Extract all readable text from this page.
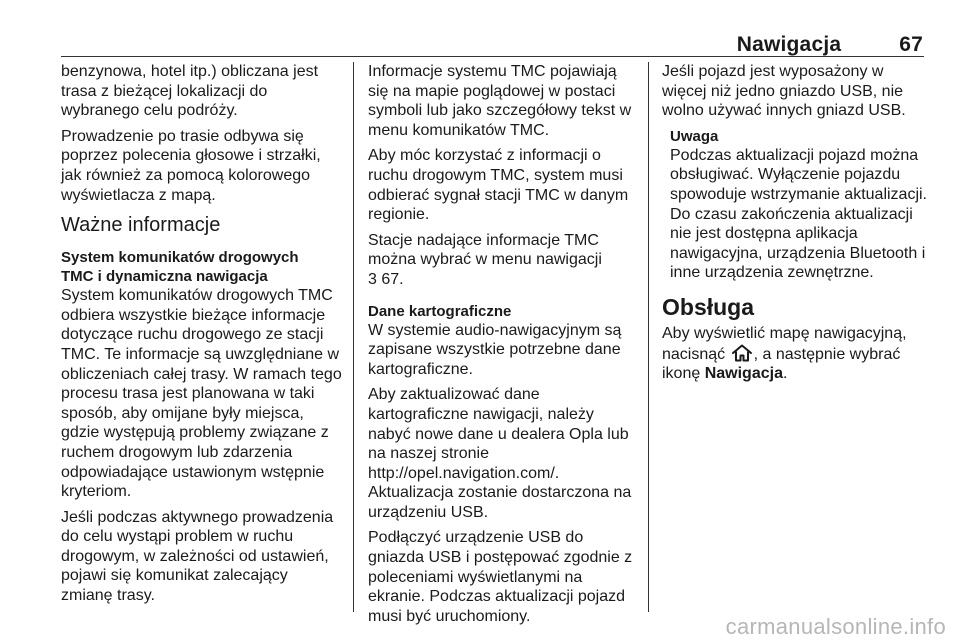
Nawigacja	67

benzynowa, hotel itp.) obliczana jest trasa z bieżącej lokalizacji do wybranego celu podróży.

Prowadzenie po trasie odbywa się poprzez polecenia głosowe i strzałki, jak również za pomocą kolorowego wyświetlacza z mapą.

Ważne informacje
System komunikatów drogowych
TMC i dynamiczna nawigacja

System komunikatów drogowych TMC odbiera wszystkie bieżące informacje dotyczące ruchu drogowego ze stacji TMC. Te informacje są uwzględniane w obliczeniach całej trasy. W ramach tego procesu trasa jest planowana w taki sposób, aby omijane były miejsca, gdzie występują problemy związane z ruchem drogowym lub zdarzenia odpowiadające ustawionym wstępnie kryteriom.

Jeśli podczas aktywnego prowadzenia do celu wystąpi problem w ruchu drogowym, w zależności od ustawień, pojawi się komunikat zalecający zmianę trasy.

Informacje systemu TMC pojawiają się na mapie poglądowej w postaci symboli lub jako szczegółowy tekst w menu komunikatów TMC.

Aby móc korzystać z informacji o ruchu drogowym TMC, system musi odbierać sygnał stacji TMC w danym regionie.

Stacje nadające informacje TMC można wybrać w menu nawigacji
3 67.

Dane kartograficzne

W systemie audio-nawigacyjnym są zapisane wszystkie potrzebne dane kartograficzne.

Aby zaktualizować dane kartograficzne nawigacji, należy nabyć nowe dane u dealera Opla lub na naszej stronie
http://opel.navigation.com/.
Aktualizacja zostanie dostarczona na urządzeniu USB.

Podłączyć urządzenie USB do gniazda USB i postępować zgodnie z poleceniami wyświetlanymi na ekranie. Podczas aktualizacji pojazd musi być uruchomiony.

Jeśli pojazd jest wyposażony w więcej niż jedno gniazdo USB, nie wolno używać innych gniazd USB.

Uwaga
Podczas aktualizacji pojazd można obsługiwać. Wyłączenie pojazdu spowoduje wstrzymanie aktualizacji. Do czasu zakończenia aktualizacji nie jest dostępna aplikacja nawigacyjna, urządzenia Bluetooth i inne urządzenia zewnętrzne.
Obsługa

Aby wyświetlić mapę nawigacyjną, nacisnąć , a następnie wybrać ikonę Nawigacja.

carmanualsonline.info
